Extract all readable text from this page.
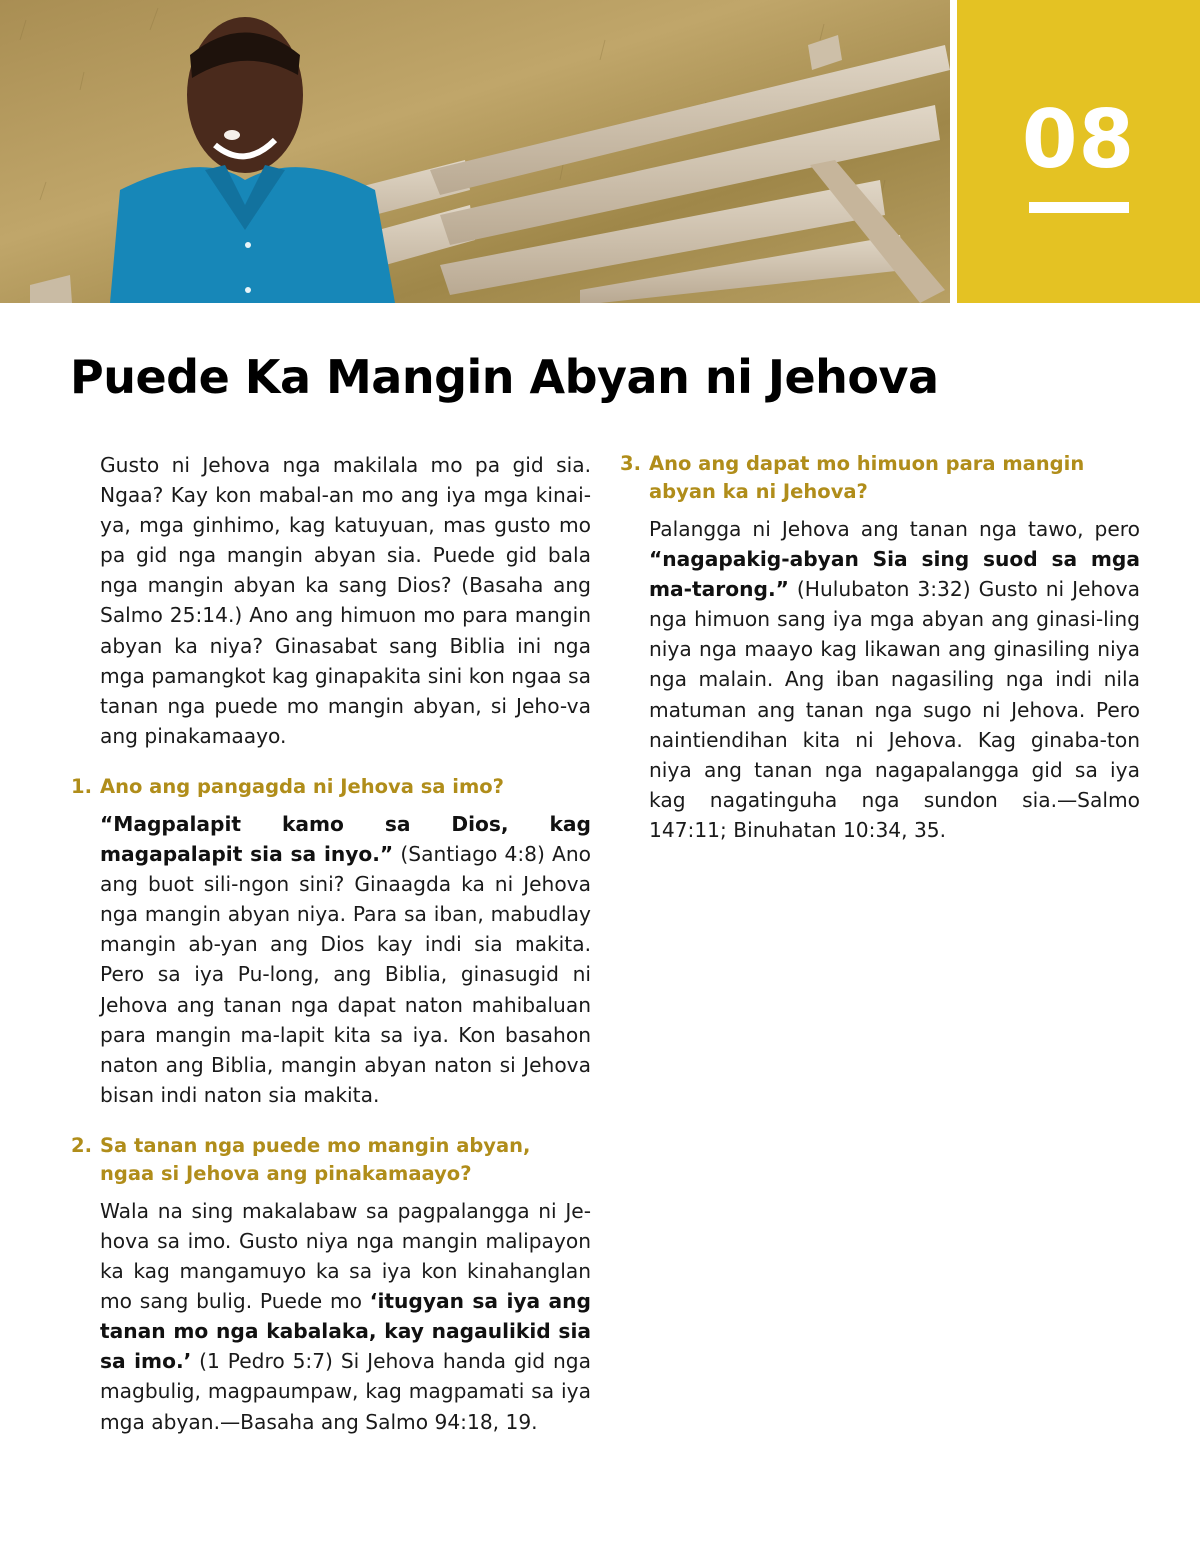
08
Puede Ka Mangin Abyan ni Jehova

Gusto ni Jehova nga makilala mo pa gid sia. Ngaa? Kay kon mabal-an mo ang iya mga kinai-ya, mga ginhimo, kag katuyuan, mas gusto mo pa gid nga mangin abyan sia. Puede gid bala nga mangin abyan ka sang Dios? (Basaha ang Salmo 25:14.) Ano ang himuon mo para mangin abyan ka niya? Ginasabat sang Biblia ini nga mga pamangkot kag ginapakita sini kon ngaa sa tanan nga puede mo mangin abyan, si Jeho-va ang pinakamaayo.

1. Ano ang pangagda ni Jehova sa imo?

“Magpalapit kamo sa Dios, kag magapalapit sia sa inyo.” (Santiago 4:8) Ano ang buot sili-ngon sini? Ginaagda ka ni Jehova nga mangin abyan niya. Para sa iban, mabudlay mangin ab-yan ang Dios kay indi sia makita. Pero sa iya Pu-long, ang Biblia, ginasugid ni Jehova ang tanan nga dapat naton mahibaluan para mangin ma-lapit kita sa iya. Kon basahon naton ang Biblia, mangin abyan naton si Jehova bisan indi naton sia makita.

2. Sa tanan nga puede mo mangin abyan,
ngaa si Jehova ang pinakamaayo?

Wala na sing makalabaw sa pagpalangga ni Je-hova sa imo. Gusto niya nga mangin malipayon ka kag mangamuyo ka sa iya kon kinahanglan mo sang bulig. Puede mo ‘itugyan sa iya ang tanan mo nga kabalaka, kay nagaulikid sia sa imo.’ (1 Pedro 5:7) Si Jehova handa gid nga magbulig, magpaumpaw, kag magpamati sa iya mga abyan.—Basaha ang Salmo 94:18, 19.

3. Ano ang dapat mo himuon para mangin
abyan ka ni Jehova?

Palangga ni Jehova ang tanan nga tawo, pero “nagapakig-abyan Sia sing suod sa mga ma-tarong.” (Hulubaton 3:32) Gusto ni Jehova nga himuon sang iya mga abyan ang ginasi-ling niya nga maayo kag likawan ang ginasiling niya nga malain. Ang iban nagasiling nga indi nila matuman ang tanan nga sugo ni Jehova. Pero naintiendihan kita ni Jehova. Kag ginaba-ton niya ang tanan nga nagapalangga gid sa iya kag nagatinguha nga sundon sia.—Salmo 147:11; Binuhatan 10:34, 35.
